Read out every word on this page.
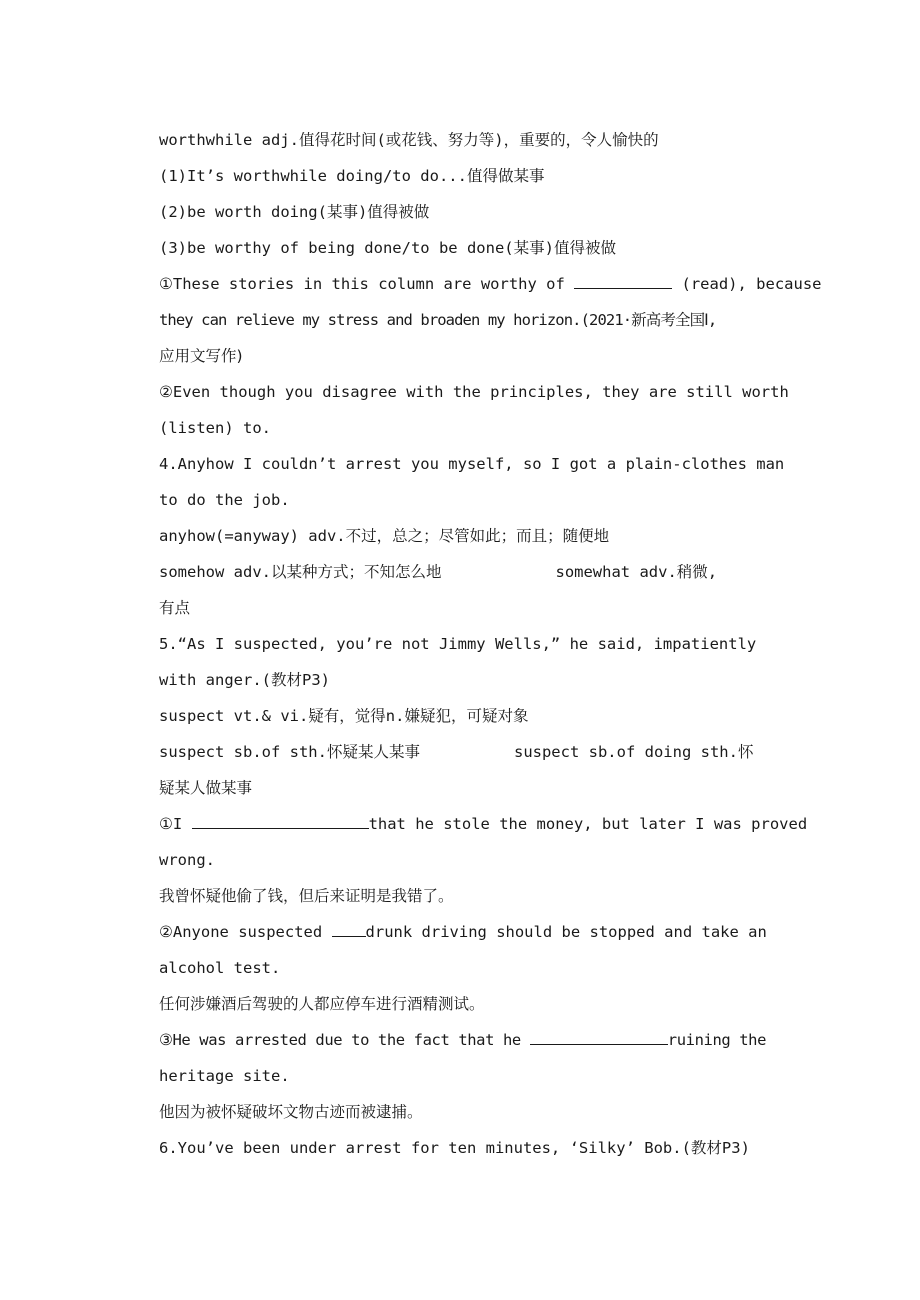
worthwhile adj.值得花时间(或花钱、努力等)，重要的，令人愉快的
(1)It’s worthwhile doing/to do...值得做某事
(2)be worth doing(某事)值得被做
(3)be worthy of being done/to be done(某事)值得被做
①These stories in this column are worthy of	(read), because
they can relieve my stress and broaden my horizon.(2021·新高考全国Ⅰ,
应用文写作)
②Even though you disagree with the principles, they are still worth
(listen) to.
4.Anyhow I couldn’t arrest you myself, so I got a plain-clothes man
to do the job.
anyhow(=anyway) adv.不过，总之；尽管如此；而且；随便地
somehow adv.以某种方式；不知怎么地	somewhat adv.稍微,
有点
5.“As I suspected, you’re not Jimmy Wells,” he said, impatiently
with anger.(教材P3)
suspect vt.& vi.疑有，觉得n.嫌疑犯，可疑对象
suspect sb.of sth.怀疑某人某事	suspect sb.of doing sth.怀
疑某人做某事
①I	that he stole the money, but later I was proved
wrong.
我曾怀疑他偷了钱，但后来证明是我错了。
②Anyone suspected drunk driving should be stopped and take an
alcohol test.
任何涉嫌酒后驾驶的人都应停车进行酒精测试。
③He was arrested due to the fact that he	ruining the
heritage site.
他因为被怀疑破坏文物古迹而被逮捕。
6.You’ve been under arrest for ten minutes, ‘Silky’ Bob.(教材P3)
